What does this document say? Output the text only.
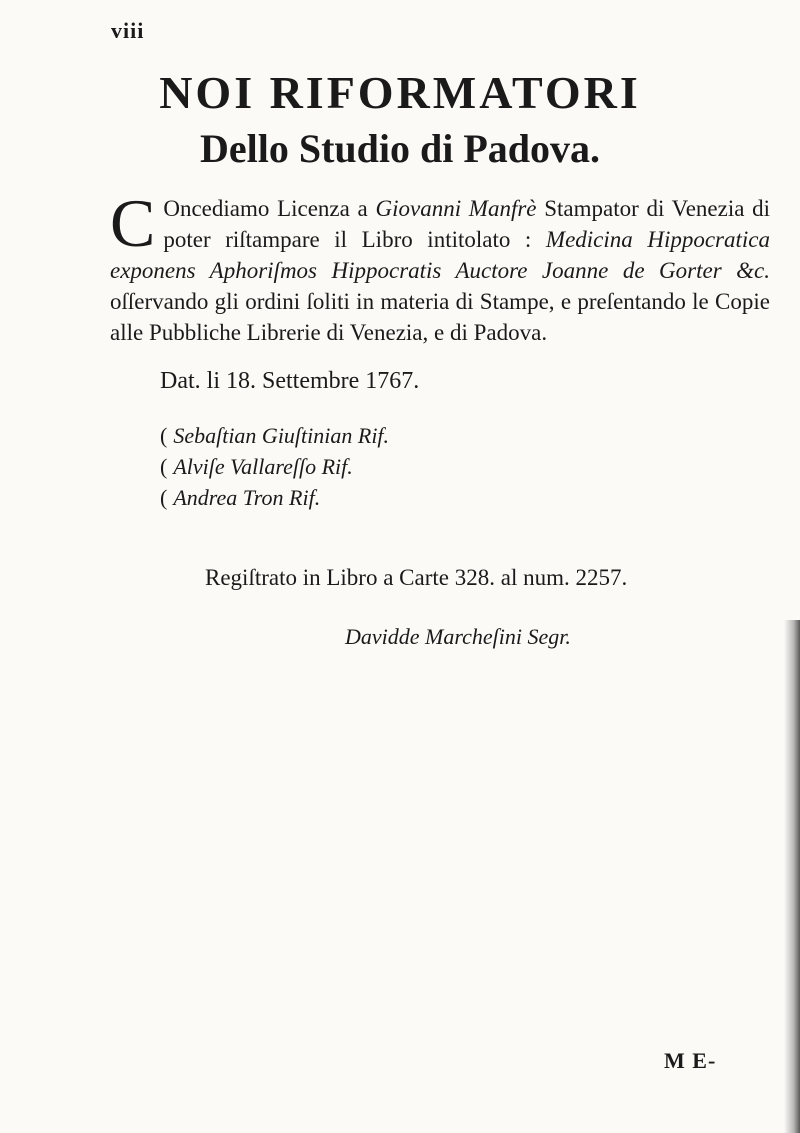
viii
NOI RIFORMATORI
Dello Studio di Padova.
C Oncediamo Licenza a Giovanni Manfrè Stampator di Venezia di poter riſtampare il Libro intitolato : Medicina Hippocratica exponens Aphoriſmos Hippocratis Auctore Joanne de Gorter &c. oſſervando gli ordini ſoliti in materia di Stampe, e preſentando le Copie alle Pubbliche Librerie di Venezia, e di Padova.
Dat. li 18. Settembre 1767.
( Sebaſtian Giuſtinian Rif.
( Alviſe Vallareſſo Rif.
( Andrea Tron Rif.
Regiſtrato in Libro a Carte 328. al num. 2257.
Davidde Marcheſini Segr.
M E-
